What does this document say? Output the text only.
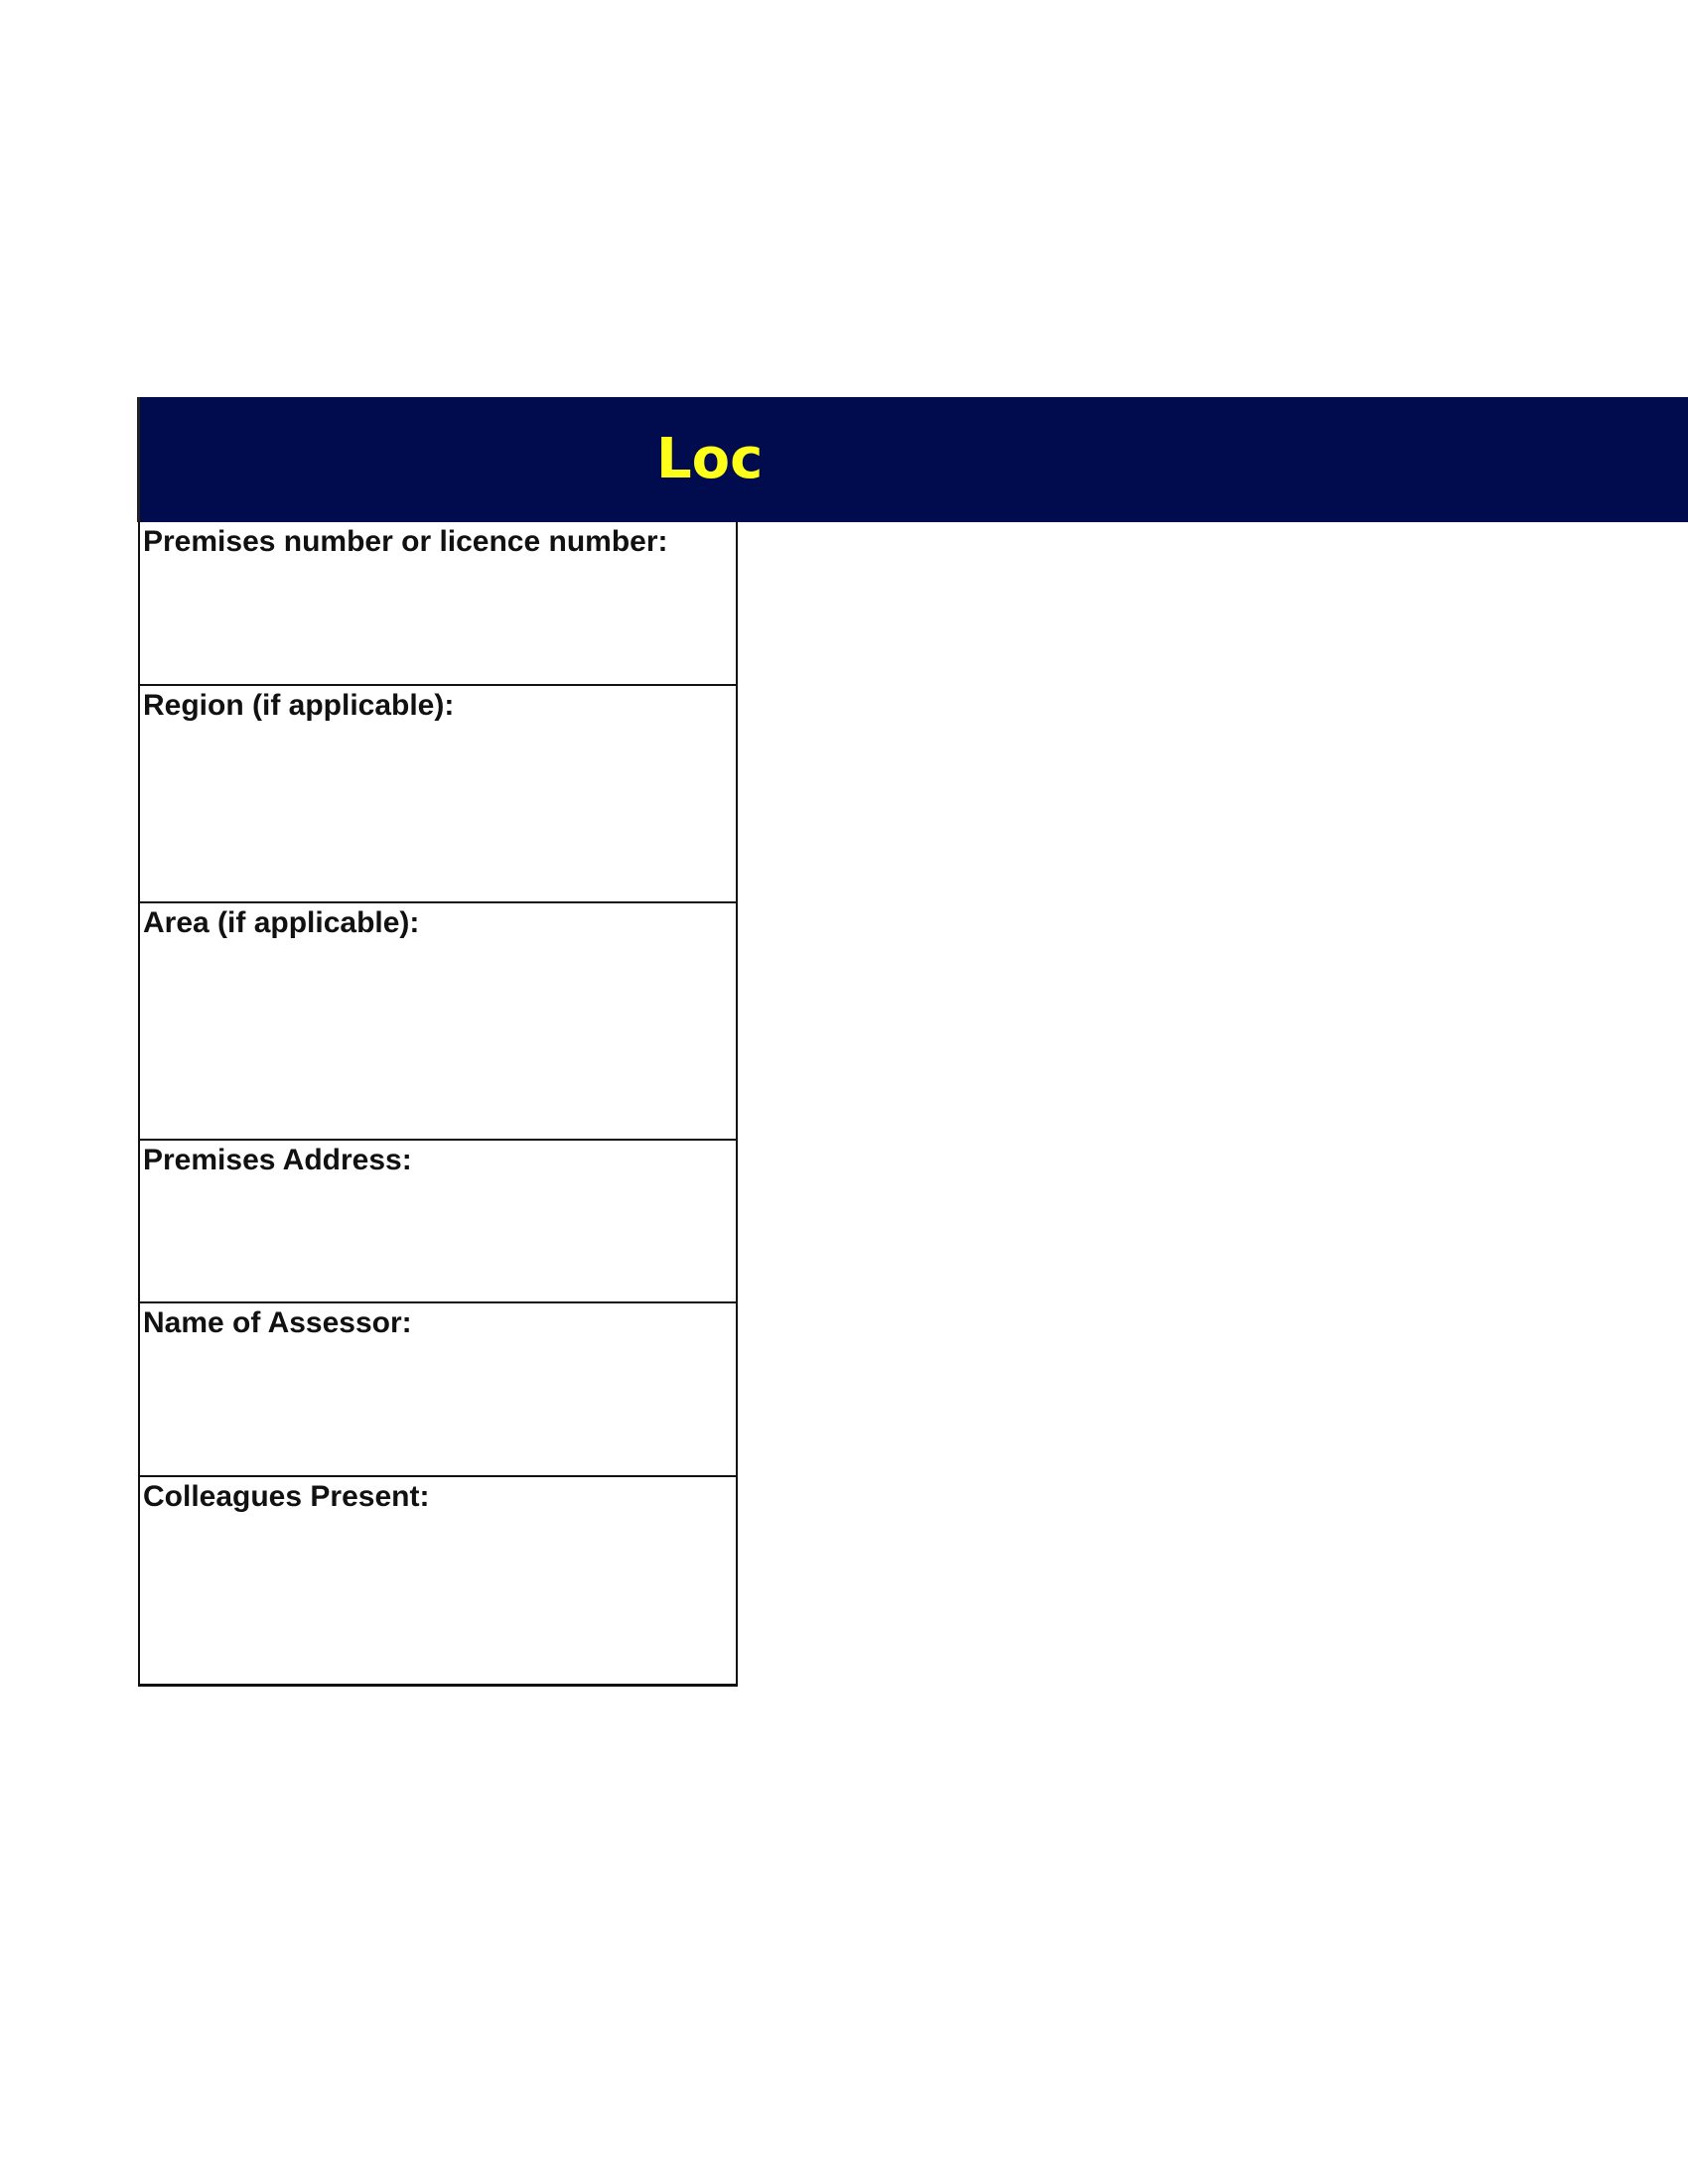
Loc
Premises number or licence number:
Region (if applicable):
Area (if applicable):
Premises Address:
Name of Assessor:
Colleagues Present:
